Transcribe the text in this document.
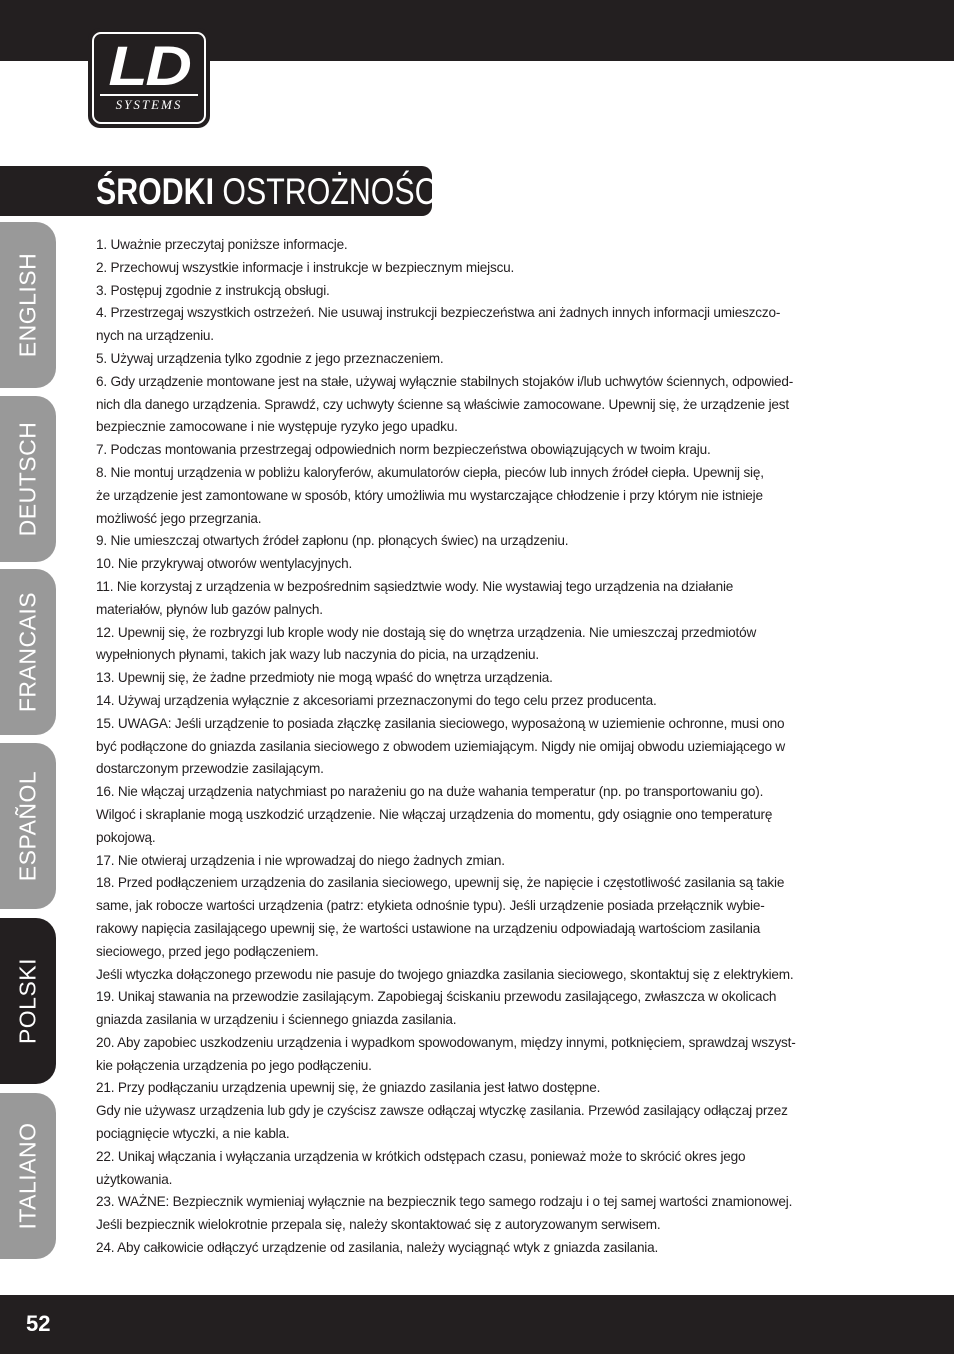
LD
SYSTEMS
ŚRODKI OSTROŻNOŚCI:
ENGLISH
DEUTSCH
FRANCAIS
ESPAÑOL
POLSKI
ITALIANO
1. Uważnie przeczytaj poniższe informacje.
2. Przechowuj wszystkie informacje i instrukcje w bezpiecznym miejscu.
3. Postępuj zgodnie z instrukcją obsługi.
4. Przestrzegaj wszystkich ostrzeżeń. Nie usuwaj instrukcji bezpieczeństwa ani żadnych innych informacji umieszczo-
nych na urządzeniu.
5. Używaj urządzenia tylko zgodnie z jego przeznaczeniem.
6. Gdy urządzenie montowane jest na stałe, używaj wyłącznie stabilnych stojaków i/lub uchwytów ściennych, odpowied-
nich dla danego urządzenia. Sprawdź, czy uchwyty ścienne są właściwie zamocowane. Upewnij się, że urządzenie jest
bezpiecznie zamocowane i nie występuje ryzyko jego upadku.
7. Podczas montowania przestrzegaj odpowiednich norm bezpieczeństwa obowiązujących w twoim kraju.
8. Nie montuj urządzenia w pobliżu kaloryferów, akumulatorów ciepła, pieców lub innych źródeł ciepła. Upewnij się,
że urządzenie jest zamontowane w sposób, który umożliwia mu wystarczające chłodzenie i przy którym nie istnieje
możliwość jego przegrzania.
9. Nie umieszczaj otwartych źródeł zapłonu (np. płonących świec) na urządzeniu.
10. Nie przykrywaj otworów wentylacyjnych.
11. Nie korzystaj z urządzenia w bezpośrednim sąsiedztwie wody. Nie wystawiaj tego urządzenia na działanie
materiałów, płynów lub gazów palnych.
12. Upewnij się, że rozbryzgi lub krople wody nie dostają się do wnętrza urządzenia. Nie umieszczaj przedmiotów
wypełnionych płynami, takich jak wazy lub naczynia do picia, na urządzeniu.
13. Upewnij się, że żadne przedmioty nie mogą wpaść do wnętrza urządzenia.
14. Używaj urządzenia wyłącznie z akcesoriami przeznaczonymi do tego celu przez producenta.
15. UWAGA: Jeśli urządzenie to posiada złączkę zasilania sieciowego, wyposażoną w uziemienie ochronne, musi ono
być podłączone do gniazda zasilania sieciowego z obwodem uziemiającym. Nigdy nie omijaj obwodu uziemiającego w
dostarczonym przewodzie zasilającym.
16. Nie włączaj urządzenia natychmiast po narażeniu go na duże wahania temperatur (np. po transportowaniu go).
Wilgoć i skraplanie mogą uszkodzić urządzenie. Nie włączaj urządzenia do momentu, gdy osiągnie ono temperaturę
pokojową.
17. Nie otwieraj urządzenia i nie wprowadzaj do niego żadnych zmian.
18. Przed podłączeniem urządzenia do zasilania sieciowego, upewnij się, że napięcie i częstotliwość zasilania są takie
same, jak robocze wartości urządzenia (patrz: etykieta odnośnie typu). Jeśli urządzenie posiada przełącznik wybie-
rakowy napięcia zasilającego upewnij się, że wartości ustawione na urządzeniu odpowiadają wartościom zasilania
sieciowego, przed jego podłączeniem.
Jeśli wtyczka dołączonego przewodu nie pasuje do twojego gniazdka zasilania sieciowego, skontaktuj się z elektrykiem.
19. Unikaj stawania na przewodzie zasilającym. Zapobiegaj ściskaniu przewodu zasilającego, zwłaszcza w okolicach
gniazda zasilania w urządzeniu i ściennego gniazda zasilania.
20. Aby zapobiec uszkodzeniu urządzenia i wypadkom spowodowanym, między innymi, potknięciem, sprawdzaj wszyst-
kie połączenia urządzenia po jego podłączeniu.
21. Przy podłączaniu urządzenia upewnij się, że gniazdo zasilania jest łatwo dostępne.
Gdy nie używasz urządzenia lub gdy je czyścisz zawsze odłączaj wtyczkę zasilania. Przewód zasilający odłączaj przez
pociągnięcie wtyczki, a nie kabla.
22. Unikaj włączania i wyłączania urządzenia w krótkich odstępach czasu, ponieważ może to skrócić okres jego
użytkowania.
23. WAŻNE: Bezpiecznik wymieniaj wyłącznie na bezpiecznik tego samego rodzaju i o tej samej wartości znamionowej.
Jeśli bezpiecznik wielokrotnie przepala się, należy skontaktować się z autoryzowanym serwisem.
24. Aby całkowicie odłączyć urządzenie od zasilania, należy wyciągnąć wtyk z gniazda zasilania.
52
